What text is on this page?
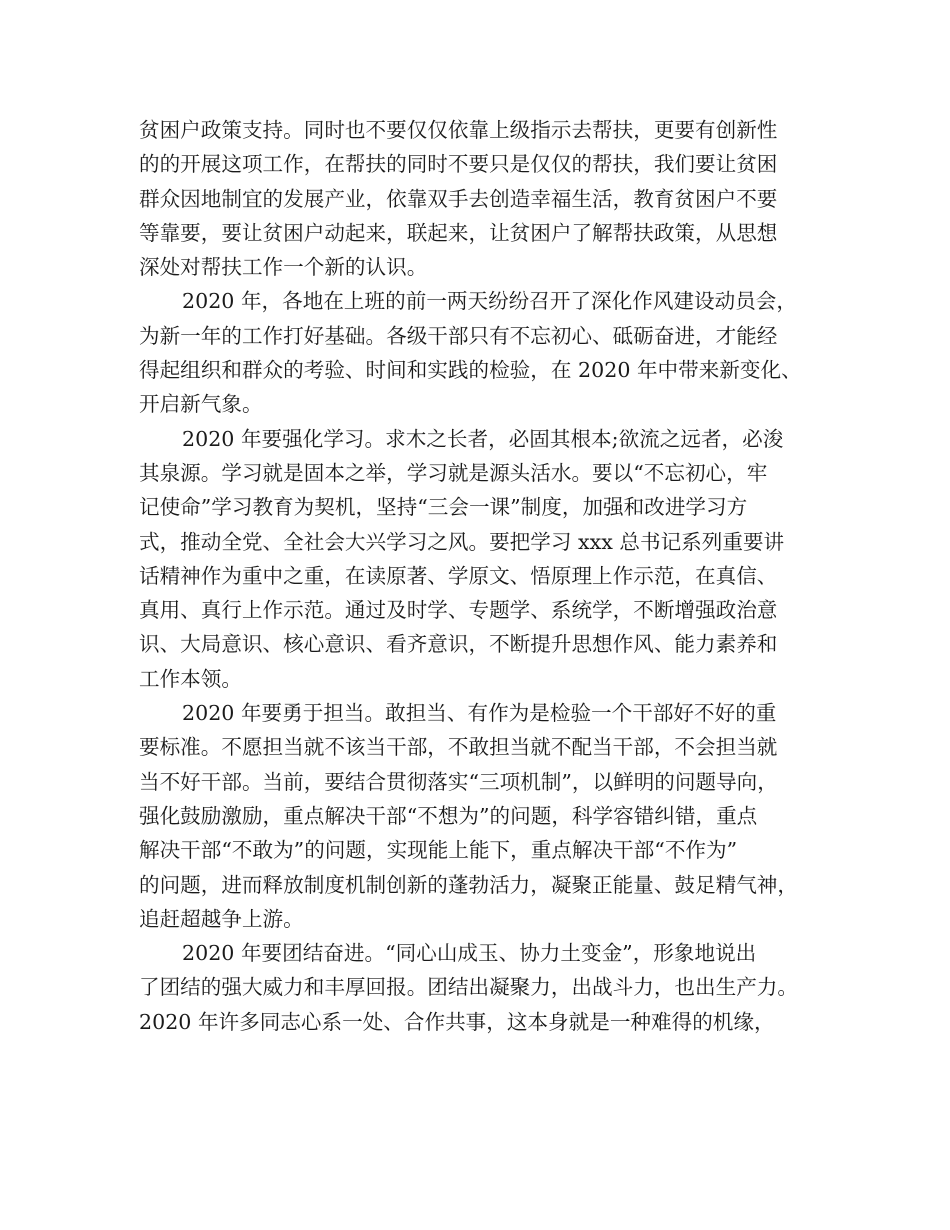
贫困户政策支持。同时也不要仅仅依靠上级指示去帮扶，更要有创新性
的的开展这项工作，在帮扶的同时不要只是仅仅的帮扶，我们要让贫困
群众因地制宜的发展产业，依靠双手去创造幸福生活，教育贫困户不要
等靠要，要让贫困户动起来，联起来，让贫困户了解帮扶政策，从思想
深处对帮扶工作一个新的认识。
2020 年，各地在上班的前一两天纷纷召开了深化作风建设动员会，
为新一年的工作打好基础。各级干部只有不忘初心、砥砺奋进，才能经
得起组织和群众的考验、时间和实践的检验，在 2020 年中带来新变化、
开启新气象。
2020 年要强化学习。求木之长者，必固其根本;欲流之远者，必浚
其泉源。学习就是固本之举，学习就是源头活水。要以“不忘初心，牢
记使命”学习教育为契机，坚持“三会一课”制度，加强和改进学习方
式，推动全党、全社会大兴学习之风。要把学习 xxx 总书记系列重要讲
话精神作为重中之重，在读原著、学原文、悟原理上作示范，在真信、
真用、真行上作示范。通过及时学、专题学、系统学，不断增强政治意
识、大局意识、核心意识、看齐意识，不断提升思想作风、能力素养和
工作本领。
2020 年要勇于担当。敢担当、有作为是检验一个干部好不好的重
要标准。不愿担当就不该当干部，不敢担当就不配当干部，不会担当就
当不好干部。当前，要结合贯彻落实“三项机制”，以鲜明的问题导向，
强化鼓励激励，重点解决干部“不想为”的问题，科学容错纠错，重点
解决干部“不敢为”的问题，实现能上能下，重点解决干部“不作为”
的问题，进而释放制度机制创新的蓬勃活力，凝聚正能量、鼓足精气神，
追赶超越争上游。
2020 年要团结奋进。“同心山成玉、协力土变金”，形象地说出
了团结的强大威力和丰厚回报。团结出凝聚力，出战斗力，也出生产力。
2020 年许多同志心系一处、合作共事，这本身就是一种难得的机缘，
